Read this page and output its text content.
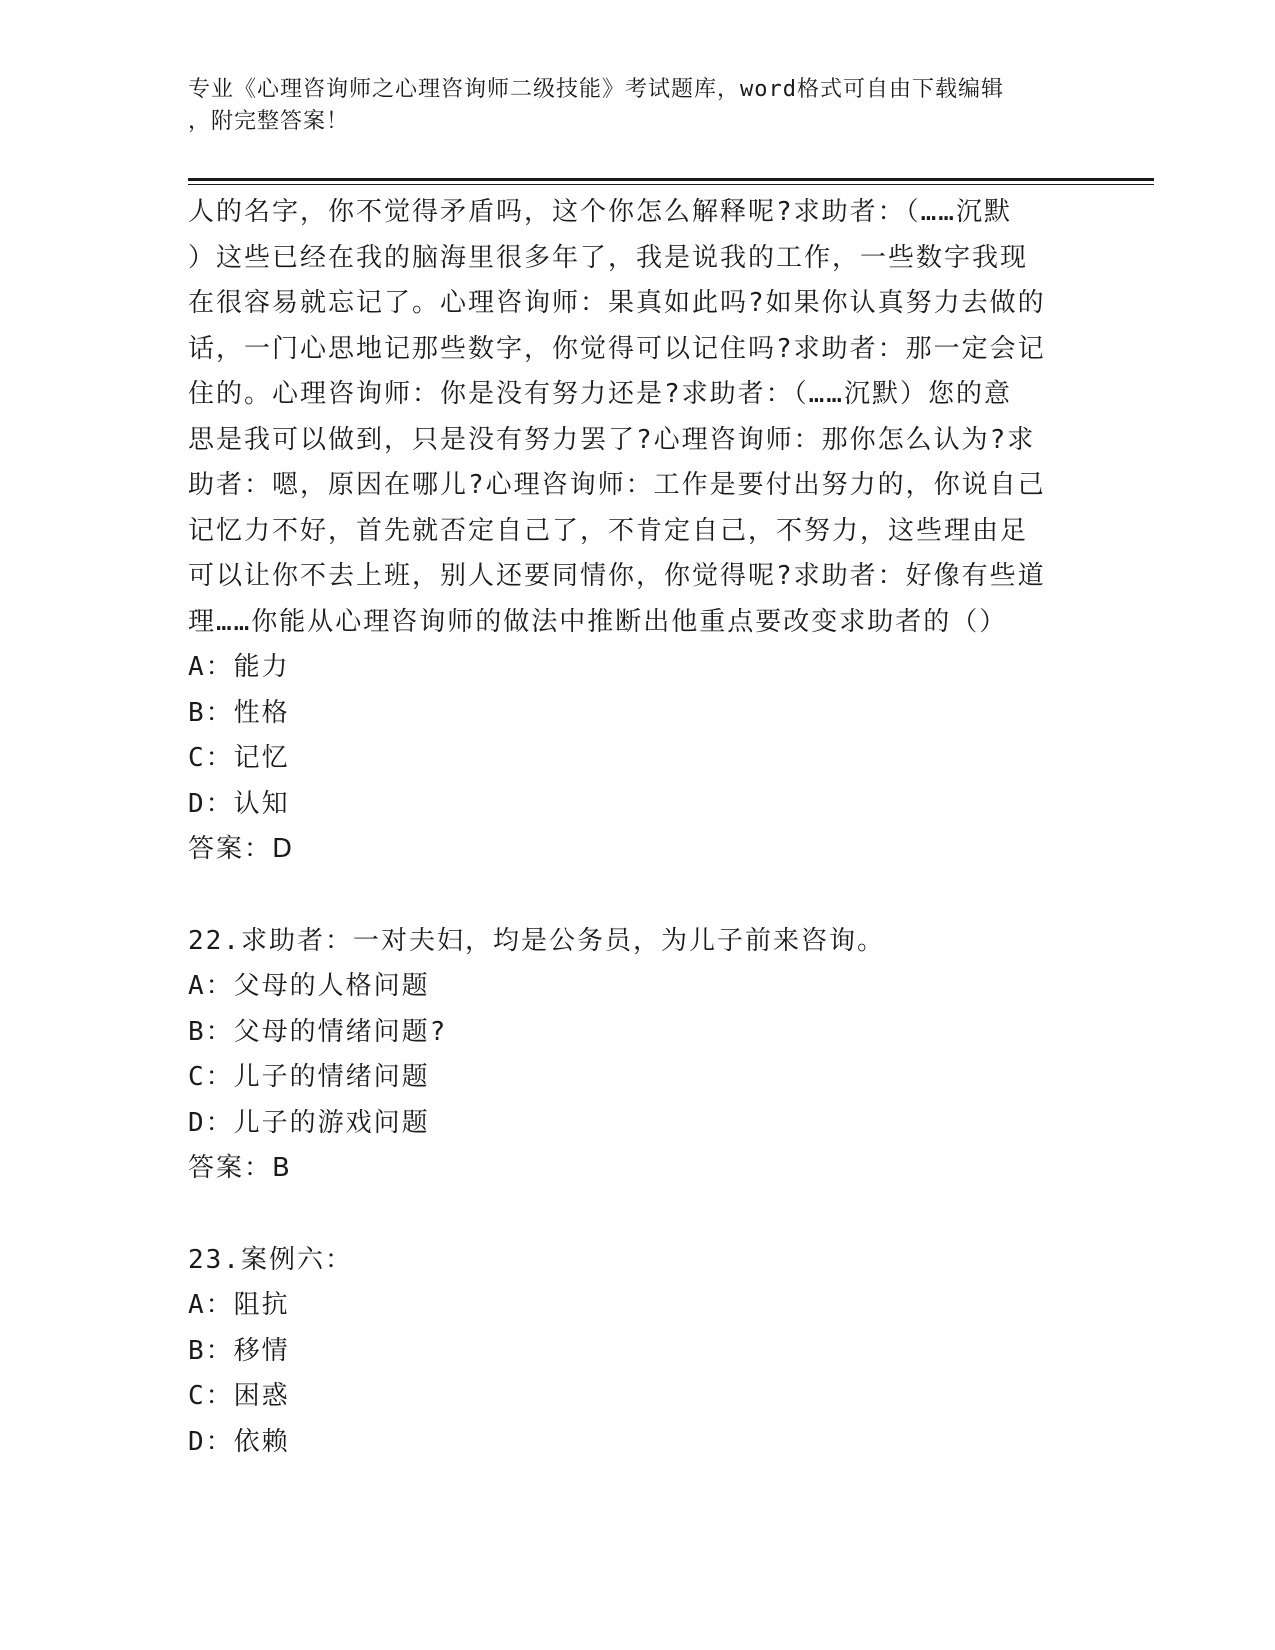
专业《心理咨询师之心理咨询师二级技能》考试题库，word格式可自由下载编辑
，附完整答案！
人的名字，你不觉得矛盾吗，这个你怎么解释呢?求助者：（……沉默
）这些已经在我的脑海里很多年了，我是说我的工作，一些数字我现
在很容易就忘记了。心理咨询师：果真如此吗?如果你认真努力去做的
话，一门心思地记那些数字，你觉得可以记住吗?求助者：那一定会记
住的。心理咨询师：你是没有努力还是?求助者：（……沉默）您的意
思是我可以做到，只是没有努力罢了?心理咨询师：那你怎么认为?求
助者：嗯，原因在哪儿?心理咨询师：工作是要付出努力的，你说自己
记忆力不好，首先就否定自己了，不肯定自己，不努力，这些理由足
可以让你不去上班，别人还要同情你，你觉得呢?求助者：好像有些道
理……你能从心理咨询师的做法中推断出他重点要改变求助者的（）
A：能力
B：性格
C：记忆
D：认知
答案：D
22.求助者：一对夫妇，均是公务员，为儿子前来咨询。
A：父母的人格问题
B：父母的情绪问题?
C：儿子的情绪问题
D：儿子的游戏问题
答案：B
23.案例六：
A：阻抗
B：移情
C：困惑
D：依赖
